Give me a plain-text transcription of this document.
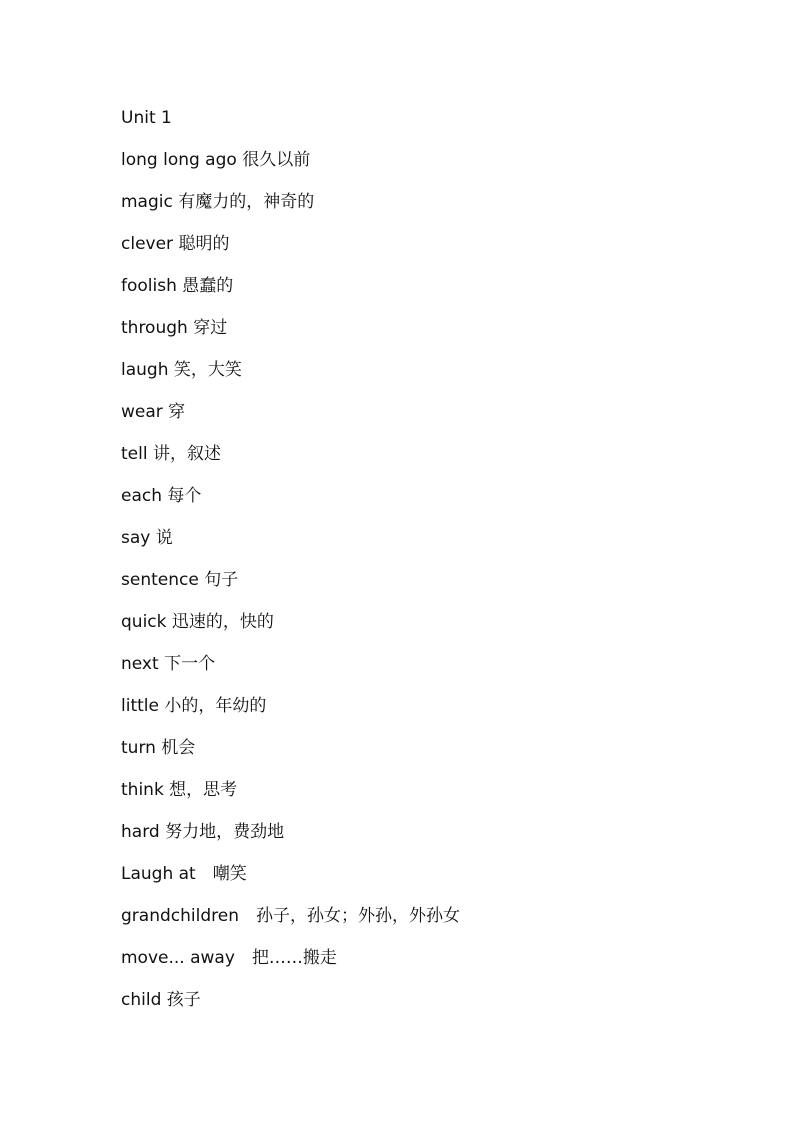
Unit 1
long long ago 很久以前
magic 有魔力的，神奇的
clever 聪明的
foolish 愚蠢的
through 穿过
laugh 笑，大笑
wear 穿
tell 讲，叙述
each 每个
say 说
sentence 句子
quick 迅速的，快的
next 下一个
little 小的，年幼的
turn 机会
think 想，思考
hard 努力地，费劲地
Laugh at　嘲笑
grandchildren　孙子，孙女；外孙，外孙女
move... away　把……搬走
child 孩子
